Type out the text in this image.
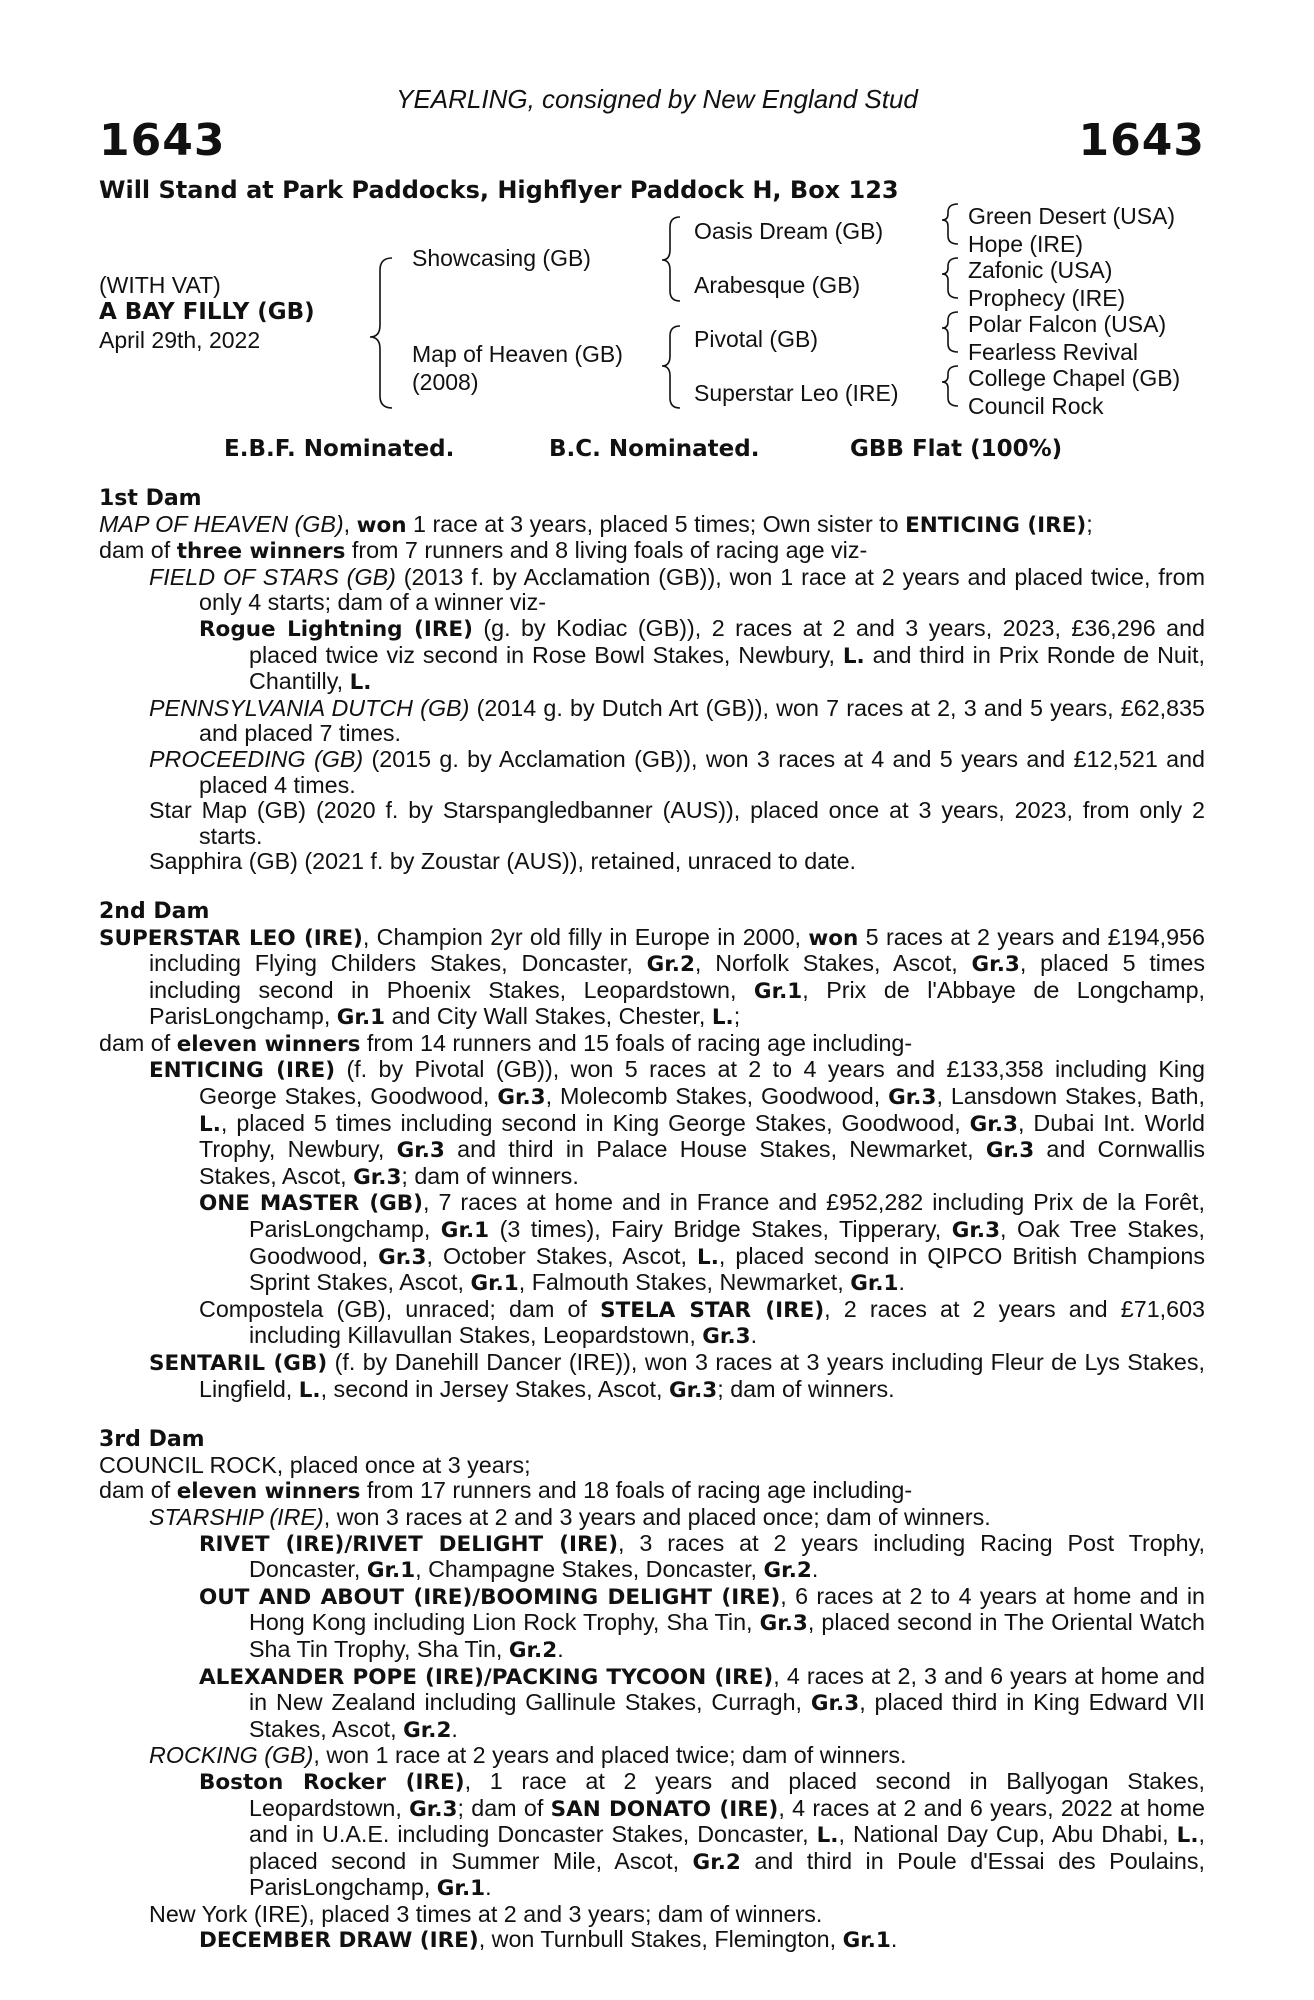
YEARLING, consigned by New England Stud
1643	1643
Will Stand at Park Paddocks, Highflyer Paddock H, Box 123
(WITH VAT)
A BAY FILLY (GB)
April 29th, 2022
Showcasing (GB)
Map of Heaven (GB)
(2008)
Oasis Dream (GB)
Arabesque (GB)
Pivotal (GB)
Superstar Leo (IRE)
Green Desert (USA)
Hope (IRE)
Zafonic (USA)
Prophecy (IRE)
Polar Falcon (USA)
Fearless Revival
College Chapel (GB)
Council Rock
E.B.F. Nominated.	B.C. Nominated.	GBB Flat (100%)
1st Dam
MAP OF HEAVEN (GB), won 1 race at 3 years, placed 5 times; Own sister to ENTICING (IRE);
dam of three winners from 7 runners and 8 living foals of racing age viz-
FIELD OF STARS (GB) (2013 f. by Acclamation (GB)), won 1 race at 2 years and placed twice, from only 4 starts; dam of a winner viz-
Rogue Lightning (IRE) (g. by Kodiac (GB)), 2 races at 2 and 3 years, 2023, £36,296 and placed twice viz second in Rose Bowl Stakes, Newbury, L. and third in Prix Ronde de Nuit, Chantilly, L.
PENNSYLVANIA DUTCH (GB) (2014 g. by Dutch Art (GB)), won 7 races at 2, 3 and 5 years, £62,835 and placed 7 times.
PROCEEDING (GB) (2015 g. by Acclamation (GB)), won 3 races at 4 and 5 years and £12,521 and placed 4 times.
Star Map (GB) (2020 f. by Starspangledbanner (AUS)), placed once at 3 years, 2023, from only 2 starts.
Sapphira (GB) (2021 f. by Zoustar (AUS)), retained, unraced to date.
2nd Dam
SUPERSTAR LEO (IRE), Champion 2yr old filly in Europe in 2000, won 5 races at 2 years and £194,956 including Flying Childers Stakes, Doncaster, Gr.2, Norfolk Stakes, Ascot, Gr.3, placed 5 times including second in Phoenix Stakes, Leopardstown, Gr.1, Prix de l'Abbaye de Longchamp, ParisLongchamp, Gr.1 and City Wall Stakes, Chester, L.;
dam of eleven winners from 14 runners and 15 foals of racing age including-
ENTICING (IRE) (f. by Pivotal (GB)), won 5 races at 2 to 4 years and £133,358 including King George Stakes, Goodwood, Gr.3, Molecomb Stakes, Goodwood, Gr.3, Lansdown Stakes, Bath, L., placed 5 times including second in King George Stakes, Goodwood, Gr.3, Dubai Int. World Trophy, Newbury, Gr.3 and third in Palace House Stakes, Newmarket, Gr.3 and Cornwallis Stakes, Ascot, Gr.3; dam of winners.
ONE MASTER (GB), 7 races at home and in France and £952,282 including Prix de la Forêt, ParisLongchamp, Gr.1 (3 times), Fairy Bridge Stakes, Tipperary, Gr.3, Oak Tree Stakes, Goodwood, Gr.3, October Stakes, Ascot, L., placed second in QIPCO British Champions Sprint Stakes, Ascot, Gr.1, Falmouth Stakes, Newmarket, Gr.1.
Compostela (GB), unraced; dam of STELA STAR (IRE), 2 races at 2 years and £71,603 including Killavullan Stakes, Leopardstown, Gr.3.
SENTARIL (GB) (f. by Danehill Dancer (IRE)), won 3 races at 3 years including Fleur de Lys Stakes, Lingfield, L., second in Jersey Stakes, Ascot, Gr.3; dam of winners.
3rd Dam
COUNCIL ROCK, placed once at 3 years;
dam of eleven winners from 17 runners and 18 foals of racing age including-
STARSHIP (IRE), won 3 races at 2 and 3 years and placed once; dam of winners.
RIVET (IRE)/RIVET DELIGHT (IRE), 3 races at 2 years including Racing Post Trophy, Doncaster, Gr.1, Champagne Stakes, Doncaster, Gr.2.
OUT AND ABOUT (IRE)/BOOMING DELIGHT (IRE), 6 races at 2 to 4 years at home and in Hong Kong including Lion Rock Trophy, Sha Tin, Gr.3, placed second in The Oriental Watch Sha Tin Trophy, Sha Tin, Gr.2.
ALEXANDER POPE (IRE)/PACKING TYCOON (IRE), 4 races at 2, 3 and 6 years at home and in New Zealand including Gallinule Stakes, Curragh, Gr.3, placed third in King Edward VII Stakes, Ascot, Gr.2.
ROCKING (GB), won 1 race at 2 years and placed twice; dam of winners.
Boston Rocker (IRE), 1 race at 2 years and placed second in Ballyogan Stakes, Leopardstown, Gr.3; dam of SAN DONATO (IRE), 4 races at 2 and 6 years, 2022 at home and in U.A.E. including Doncaster Stakes, Doncaster, L., National Day Cup, Abu Dhabi, L., placed second in Summer Mile, Ascot, Gr.2 and third in Poule d'Essai des Poulains, ParisLongchamp, Gr.1.
New York (IRE), placed 3 times at 2 and 3 years; dam of winners.
DECEMBER DRAW (IRE), won Turnbull Stakes, Flemington, Gr.1.
